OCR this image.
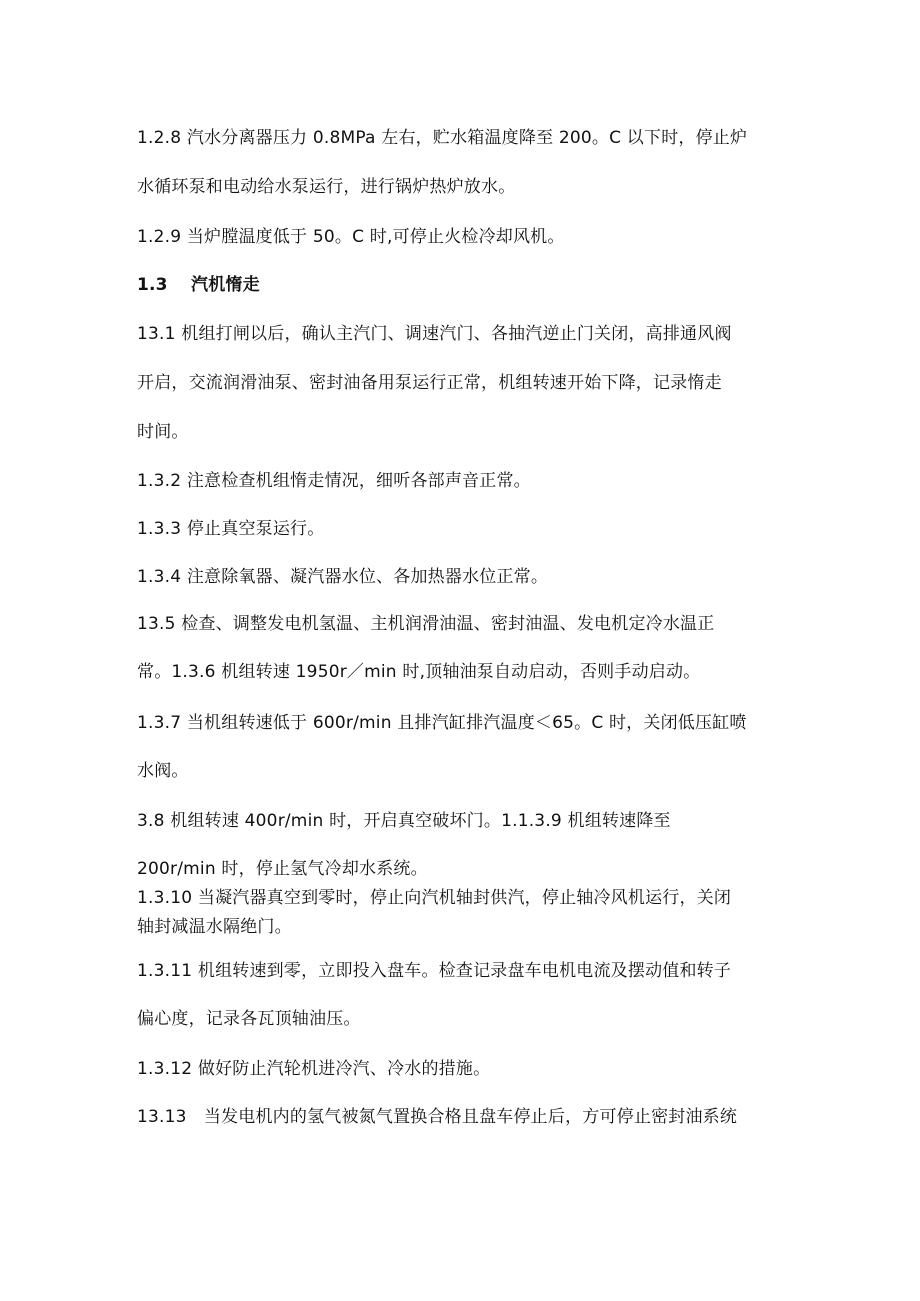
1.2.8 汽水分离器压力 0.8MPa 左右，贮水箱温度降至 200。C 以下时，停止炉
水循环泵和电动给水泵运行，进行锅炉热炉放水。
1.2.9 当炉膛温度低于 50。C 时,可停止火检冷却风机。
1.3　 汽机惰走
13.1 机组打闸以后，确认主汽门、调速汽门、各抽汽逆止门关闭，高排通风阀
开启，交流润滑油泵、密封油备用泵运行正常，机组转速开始下降，记录惰走
时间。
1.3.2 注意检查机组惰走情况，细听各部声音正常。
1.3.3 停止真空泵运行。
1.3.4 注意除氧器、凝汽器水位、各加热器水位正常。
13.5 检查、调整发电机氢温、主机润滑油温、密封油温、发电机定冷水温正
常。1.3.6 机组转速 1950r／min 时,顶轴油泵自动启动，否则手动启动。
1.3.7 当机组转速低于 600r/min 且排汽缸排汽温度＜65。C 时，关闭低压缸喷
水阀。
3.8 机组转速 400r/min 时，开启真空破坏门。1.1.3.9 机组转速降至
200r/min 时，停止氢气冷却水系统。
1.3.10 当凝汽器真空到零时，停止向汽机轴封供汽，停止轴冷风机运行，关闭
轴封减温水隔绝门。
1.3.11 机组转速到零，立即投入盘车。检查记录盘车电机电流及摆动值和转子
偏心度，记录各瓦顶轴油压。
1.3.12 做好防止汽轮机进冷汽、冷水的措施。
13.13　当发电机内的氢气被氮气置换合格且盘车停止后，方可停止密封油系统
